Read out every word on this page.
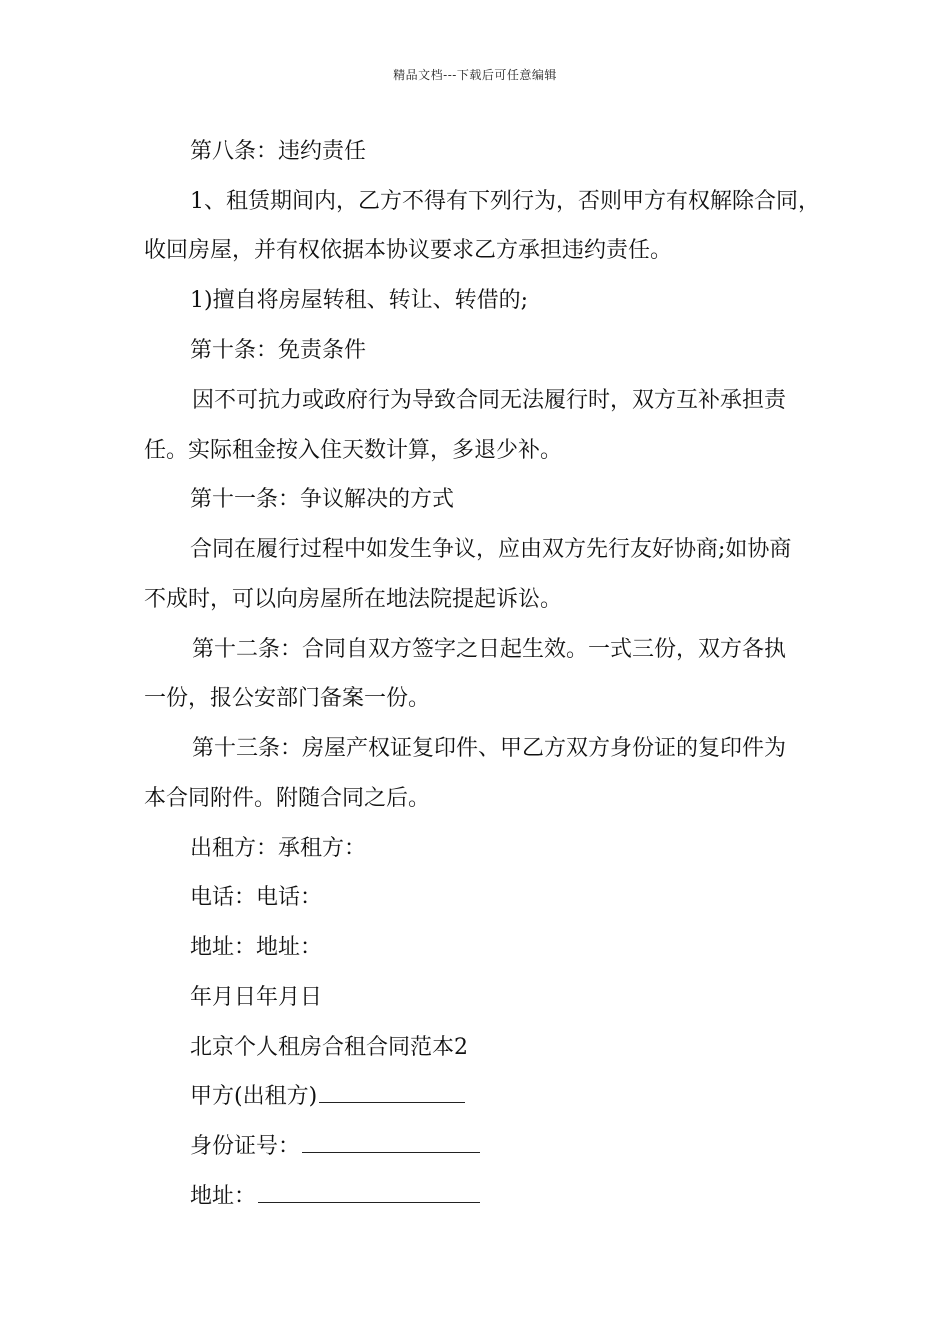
精品文档---下载后可任意编辑
第八条：违约责任
1、租赁期间内，乙方不得有下列行为，否则甲方有权解除合同，
收回房屋，并有权依据本协议要求乙方承担违约责任。
1)擅自将房屋转租、转让、转借的;
第十条：免责条件
因不可抗力或政府行为导致合同无法履行时，双方互补承担责
任。实际租金按入住天数计算，多退少补。
第十一条：争议解决的方式
合同在履行过程中如发生争议，应由双方先行友好协商;如协商
不成时，可以向房屋所在地法院提起诉讼。
第十二条：合同自双方签字之日起生效。一式三份，双方各执
一份，报公安部门备案一份。
第十三条：房屋产权证复印件、甲乙方双方身份证的复印件为
本合同附件。附随合同之后。
出租方：承租方：
电话：电话：
地址：地址：
年月日年月日
北京个人租房合租合同范本2
甲方(出租方)
身份证号：
地址：
